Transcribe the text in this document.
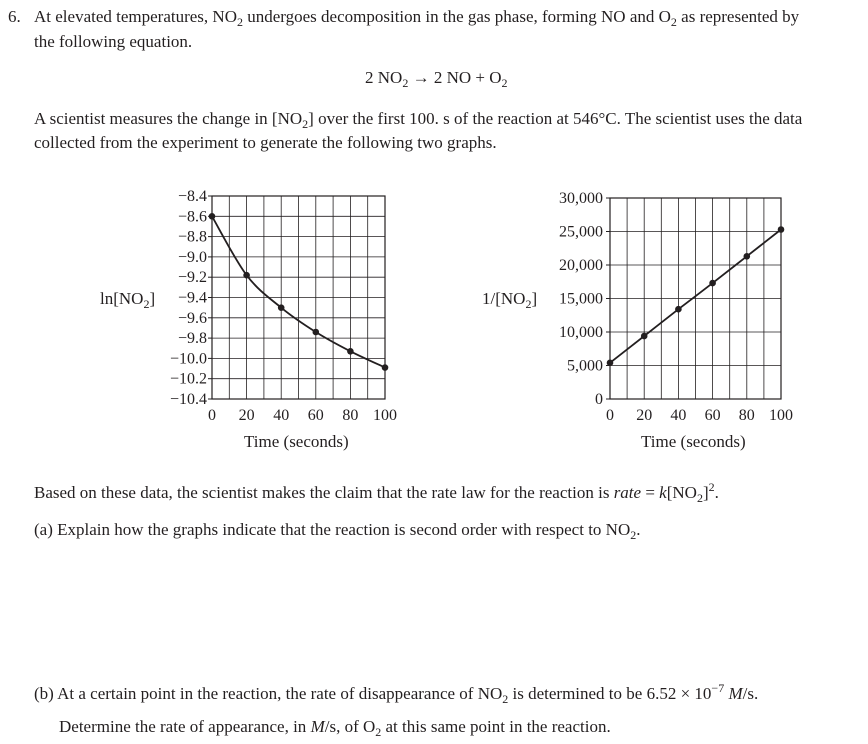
6. At elevated temperatures, $NO_2$ undergoes decomposition in the gas phase, forming NO and $O_2$ as represented by
the following equation.
2 $NO_2 \to 2$ NO + $O_2$
A scientist measures the change in $[NO_2]$ over the first 100. s of the reaction at 546°C. The scientist uses the data
collected from the experiment to generate the following two graphs.
−8.4
−8.6
−8.8
−9.0
−9.2
−9.4
−9.6
−9.8
−10.0
−10.2
−10.4
0 20 40 60 80 100
$\ln[NO_2]$
Time (seconds)
30,000
25,000
20,000
15,000
10,000
5,000
0
0 20 40 60 80 100
$1/[NO_2]$
Time (seconds)
Based on these data, the scientist makes the claim that the rate law for the reaction is rate = $k[NO_2]^2$.
(a) Explain how the graphs indicate that the reaction is second order with respect to $NO_2$.
(b) At a certain point in the reaction, the rate of disappearance of $NO_2$ is determined to be $6.52 \times 10^{-7}$ M/s.
Determine the rate of appearance, in M/s, of $O_2$ at this same point in the reaction.
